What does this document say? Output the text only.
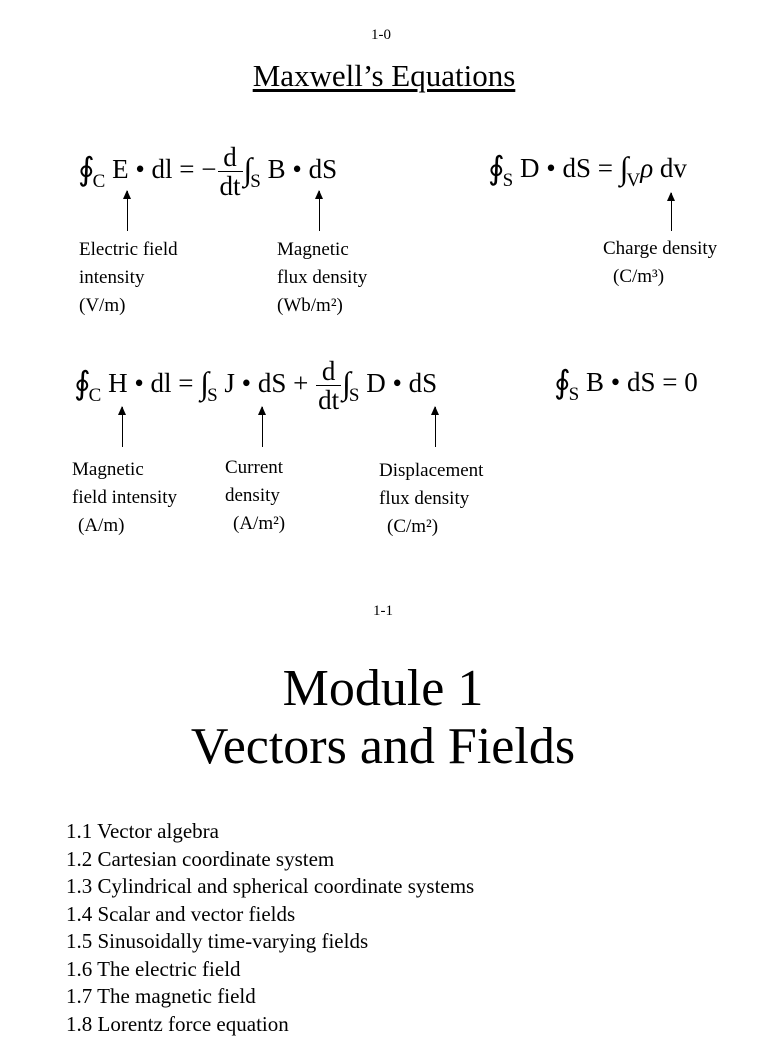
1-0
Maxwell’s Equations
$∮_C$ E • dl = − $\frac{d}{dt} \int_S$ B • dS	$∮_S$ D • dS = $\int_V\rho$ dv
Electric field
intensity
(V/m)
Magnetic
flux density
(Wb/m²)
Charge density
(C/m³)
$∮_C$ H • dl = $\int_S$ J • dS + $\frac{d}{dt} \int_S$ D • dS	$∮_S$ B • dS = 0
Magnetic
field intensity
(A/m)
Current
density
(A/m²)
Displacement
flux density
(C/m²)
1-1
Module 1
Vectors and Fields
1.1 Vector algebra
1.2 Cartesian coordinate system
1.3 Cylindrical and spherical coordinate systems
1.4 Scalar and vector fields
1.5 Sinusoidally time-varying fields
1.6 The electric field
1.7 The magnetic field
1.8 Lorentz force equation
